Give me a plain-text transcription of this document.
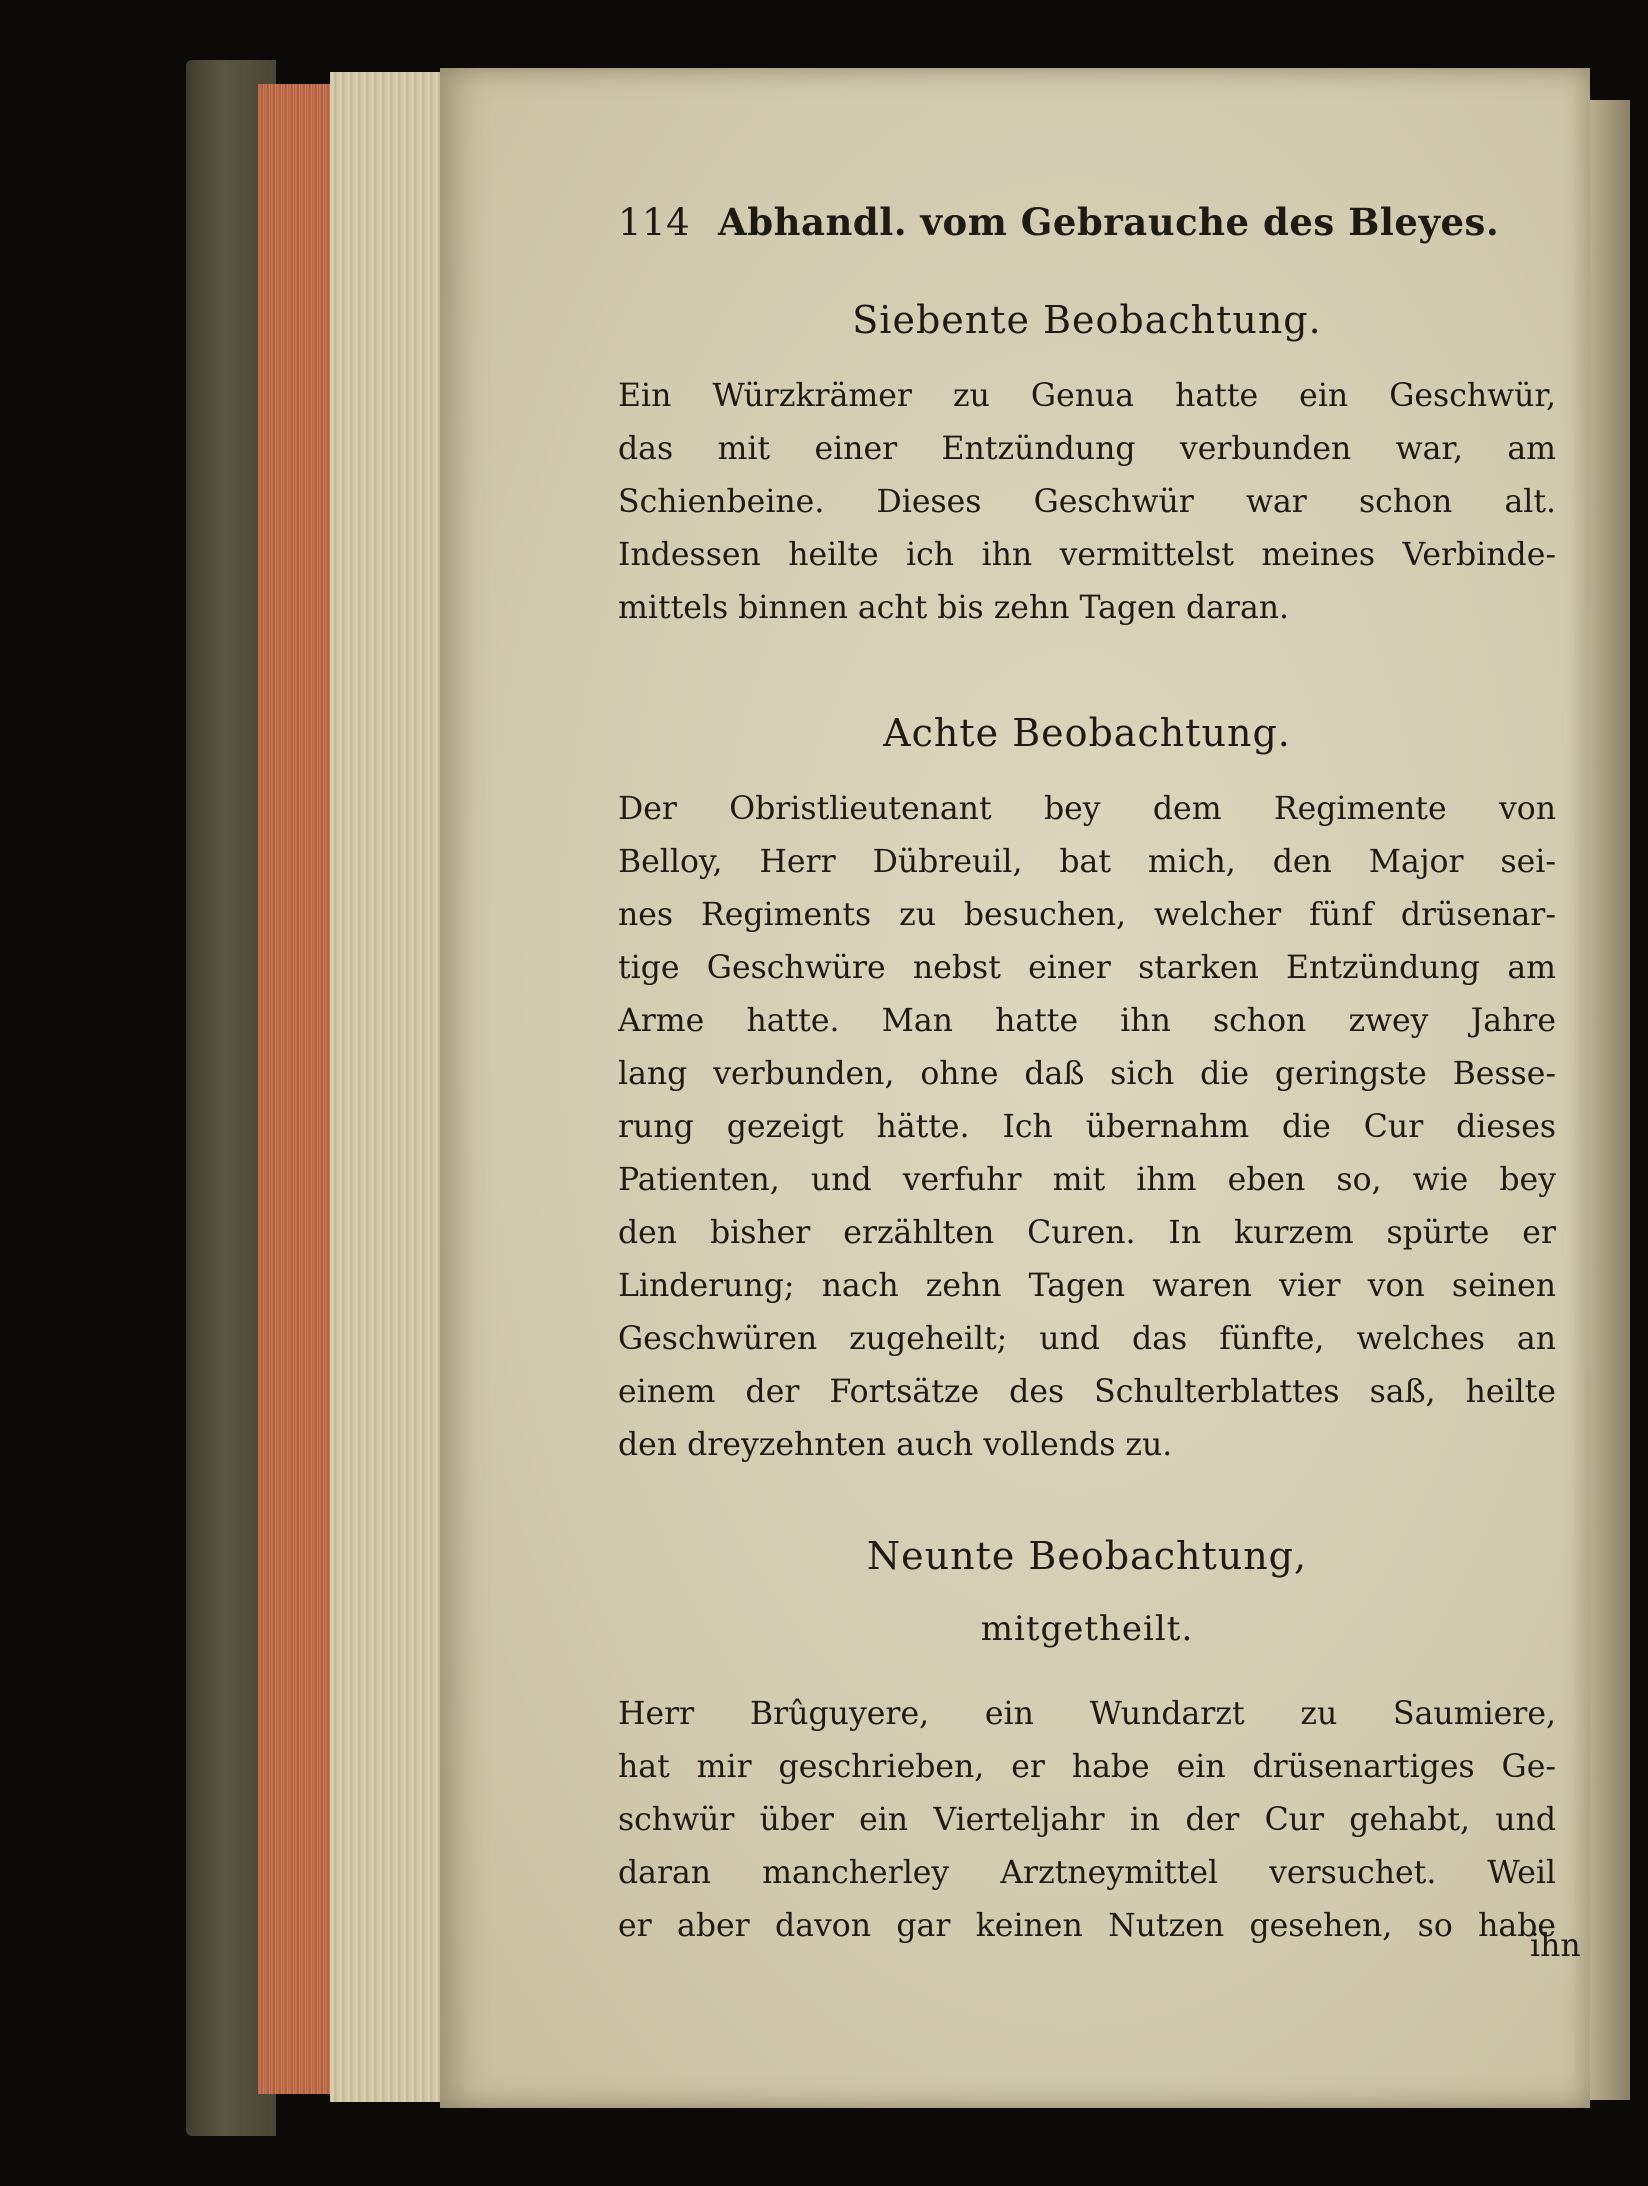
114 Abhandl. vom Gebrauche des Bleyes.
Siebente Beobachtung.
Ein Würzkrämer zu Genua hatte ein Geschwür,
das mit einer Entzündung verbunden war, am
Schienbeine. Dieses Geschwür war schon alt.
Indessen heilte ich ihn vermittelst meines Verbinde-
mittels binnen acht bis zehn Tagen daran.
Achte Beobachtung.
Der Obristlieutenant bey dem Regimente von
Belloy, Herr Dübreuil, bat mich, den Major sei-
nes Regiments zu besuchen, welcher fünf drüsenar-
tige Geschwüre nebst einer starken Entzündung am
Arme hatte. Man hatte ihn schon zwey Jahre
lang verbunden, ohne daß sich die geringste Besse-
rung gezeigt hätte. Ich übernahm die Cur dieses
Patienten, und verfuhr mit ihm eben so, wie bey
den bisher erzählten Curen. In kurzem spürte er
Linderung; nach zehn Tagen waren vier von seinen
Geschwüren zugeheilt; und das fünfte, welches an
einem der Fortsätze des Schulterblattes saß, heilte
den dreyzehnten auch vollends zu.
Neunte Beobachtung,
mitgetheilt.
Herr Brûguyere, ein Wundarzt zu Saumiere,
hat mir geschrieben, er habe ein drüsenartiges Ge-
schwür über ein Vierteljahr in der Cur gehabt, und
daran mancherley Arztneymittel versuchet. Weil
er aber davon gar keinen Nutzen gesehen, so habe
ihn
